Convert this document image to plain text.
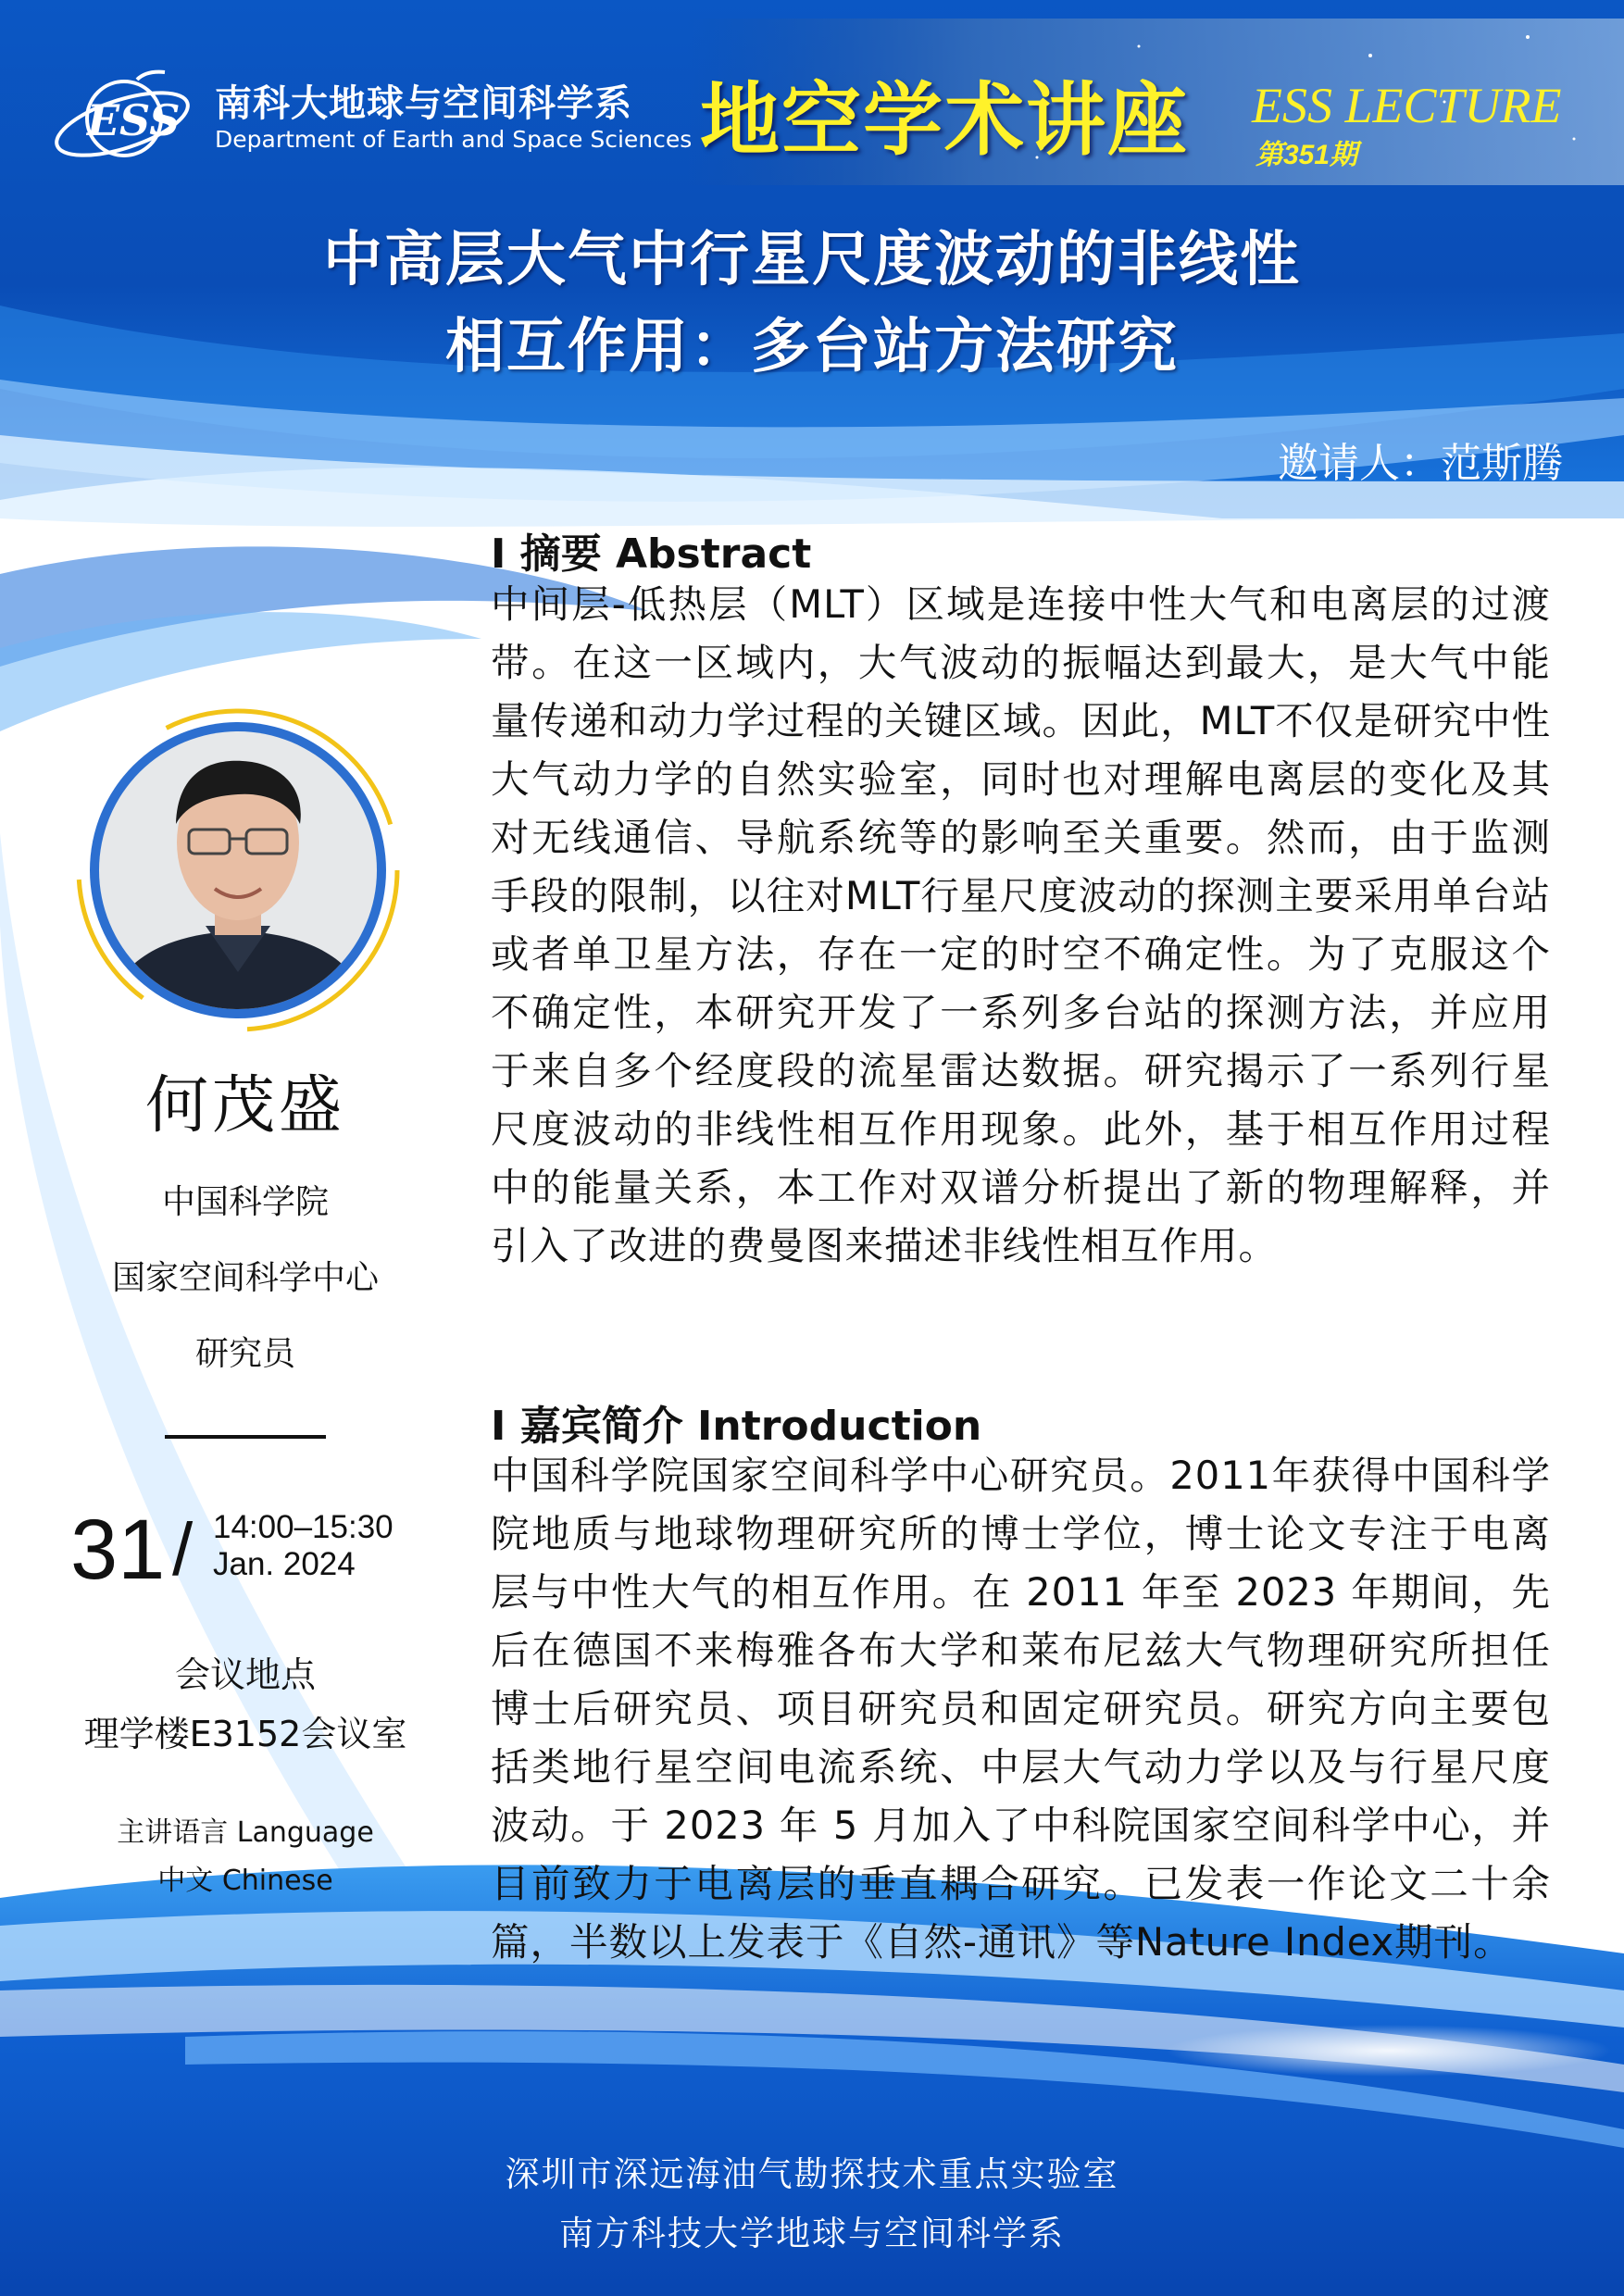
ESS 南科大地球与空间科学系
Department of Earth and Space Sciences 地空学术讲座 ESS LECTURE
第351期
中高层大气中行星尺度波动的非线性
相互作用：多台站方法研究
邀请人：范斯腾
何茂盛
中国科学院
国家空间科学中心
研究员
31 / 14:00–15:30
Jan. 2024
会议地点
理学楼E3152会议室
主讲语言 Language
中文 Chinese
I 摘要 Abstract
中间层-低热层（MLT）区域是连接中性大气和电离层的过渡带。在这一区域内，大气波动的振幅达到最大，是大气中能量传递和动力学过程的关键区域。因此，MLT不仅是研究中性大气动力学的自然实验室，同时也对理解电离层的变化及其对无线通信、导航系统等的影响至关重要。然而，由于监测手段的限制，以往对MLT行星尺度波动的探测主要采用单台站或者单卫星方法，存在一定的时空不确定性。为了克服这个不确定性，本研究开发了一系列多台站的探测方法，并应用于来自多个经度段的流星雷达数据。研究揭示了一系列行星尺度波动的非线性相互作用现象。此外，基于相互作用过程中的能量关系，本工作对双谱分析提出了新的物理解释，并引入了改进的费曼图来描述非线性相互作用。
I 嘉宾简介 Introduction
中国科学院国家空间科学中心研究员。2011年获得中国科学院地质与地球物理研究所的博士学位，博士论文专注于电离层与中性大气的相互作用。在 2011 年至 2023 年期间，先后在德国不来梅雅各布大学和莱布尼兹大气物理研究所担任博士后研究员、项目研究员和固定研究员。研究方向主要包括类地行星空间电流系统、中层大气动力学以及与行星尺度波动。于 2023 年 5 月加入了中科院国家空间科学中心，并目前致力于电离层的垂直耦合研究。已发表一作论文二十余篇，半数以上发表于《自然-通讯》等Nature Index期刊。
深圳市深远海油气勘探技术重点实验室
南方科技大学地球与空间科学系
